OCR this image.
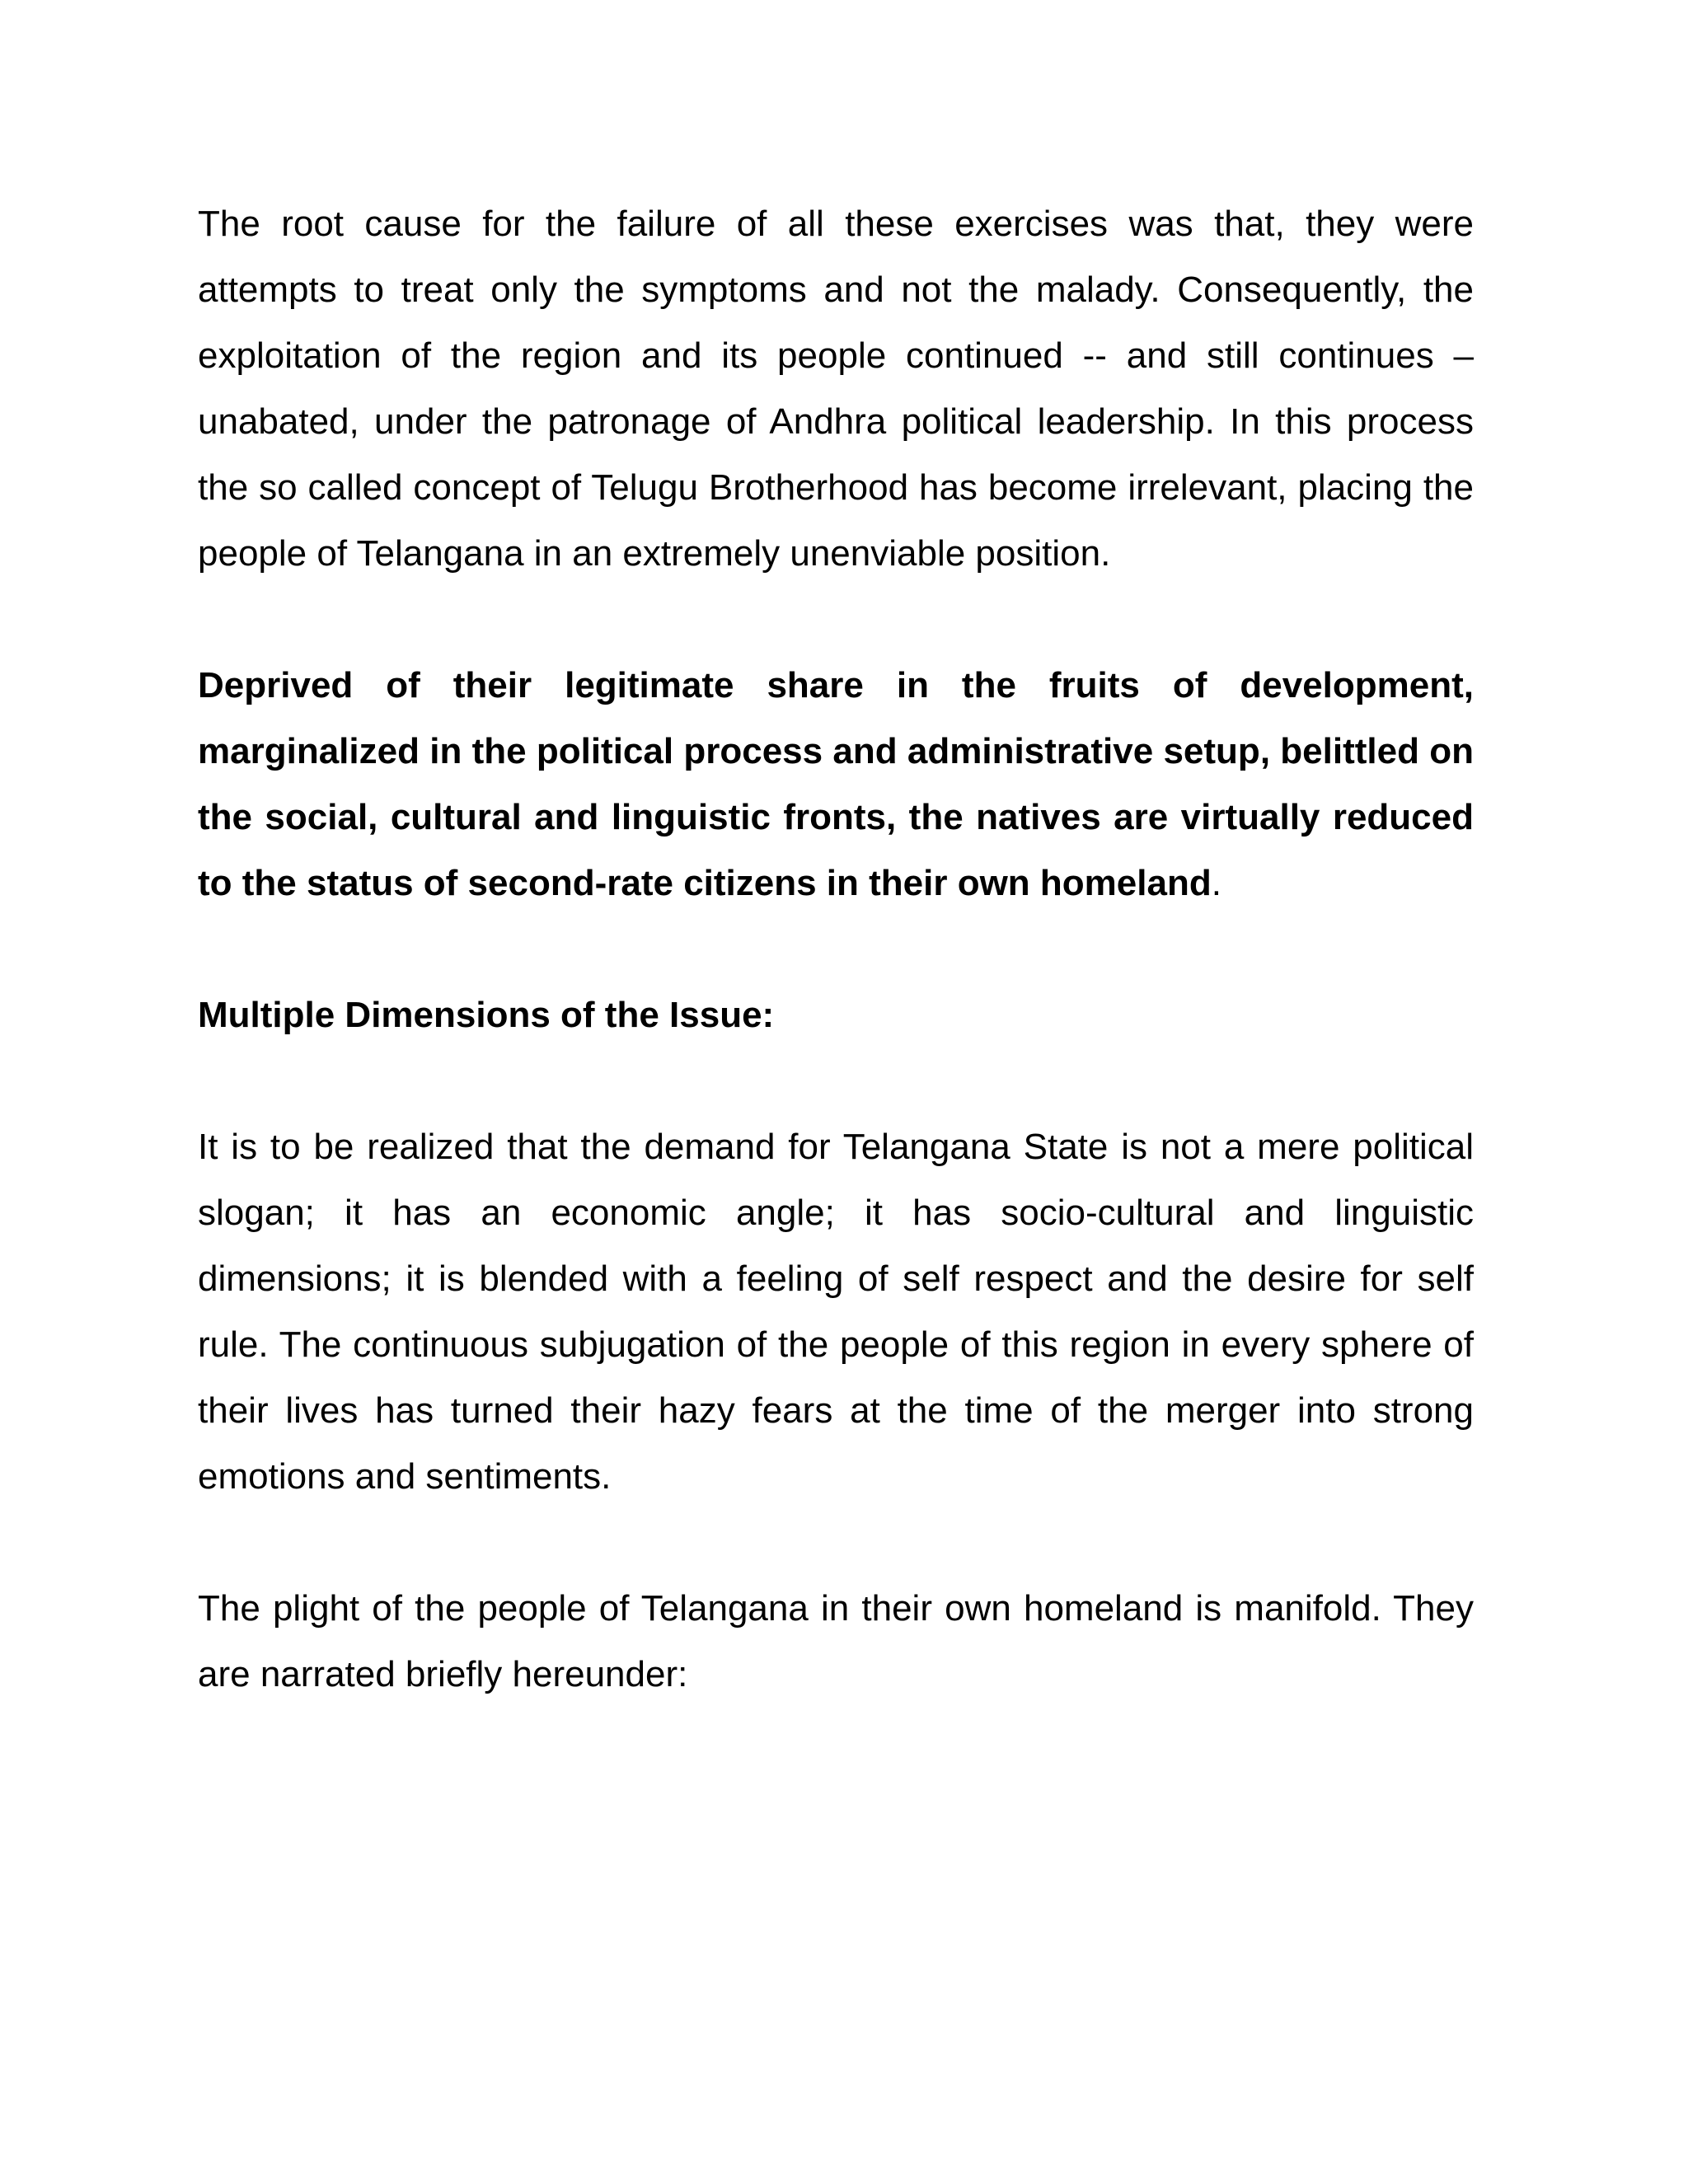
The root cause for the failure of all these exercises was that, they were attempts to treat only the symptoms and not the malady. Consequently, the exploitation of the region and its people continued -- and still continues – unabated, under the patronage of Andhra political leadership. In this process the so called concept of Telugu Brotherhood has become irrelevant, placing the people of Telangana in an extremely unenviable position.

Deprived of their legitimate share in the fruits of development, marginalized in the political process and administrative setup, belittled on the social, cultural and linguistic fronts, the natives are virtually reduced to the status of second-rate citizens in their own homeland.

Multiple Dimensions of the Issue:

It is to be realized that the demand for Telangana State is not a mere political slogan; it has an economic angle; it has socio-cultural and linguistic dimensions; it is blended with a feeling of self respect and the desire for self rule. The continuous subjugation of the people of this region in every sphere of their lives has turned their hazy fears at the time of the merger into strong emotions and sentiments.

The plight of the people of Telangana in their own homeland is manifold. They are narrated briefly hereunder:
